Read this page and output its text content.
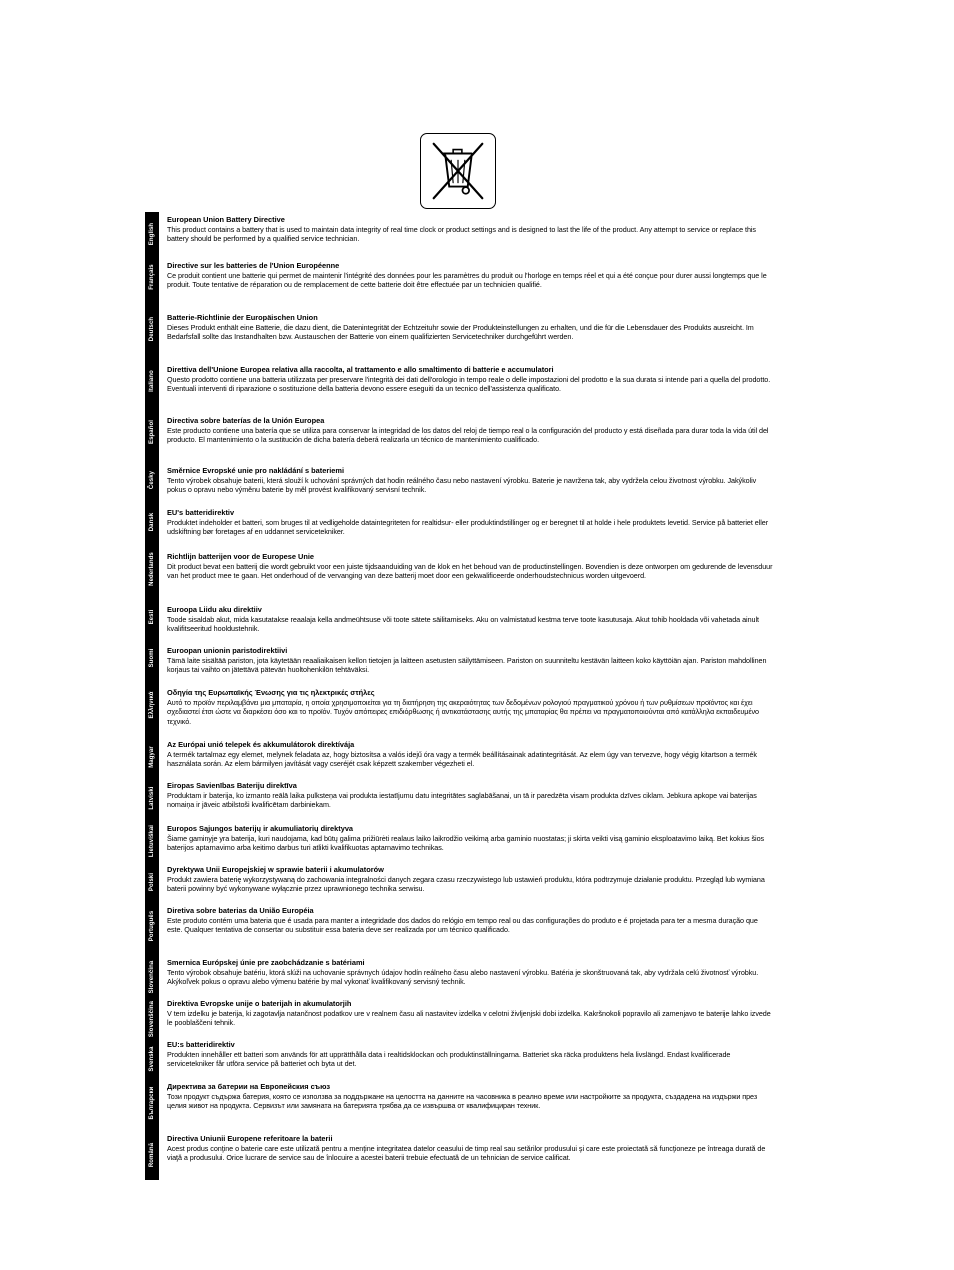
English
Français
Deutsch
Italiano
Español
Česky
Dansk
Nederlands
Eesti
Suomi
Ελληνικά
Magyar
Latviski
Lietuviškai
Polski
Português
Slovenčina
Slovenščina
Svenska
Български
Română
European Union Battery Directive

This product contains a battery that is used to maintain data integrity of real time clock or product settings and is designed to last the life of the product. Any attempt to service or replace this battery should be performed by a qualified service technician.

Directive sur les batteries de l'Union Européenne

Ce produit contient une batterie qui permet de maintenir l'intégrité des données pour les paramètres du produit ou l'horloge en temps réel et qui a été conçue pour durer aussi longtemps que le produit. Toute tentative de réparation ou de remplacement de cette batterie doit être effectuée par un technicien qualifié.

Batterie-Richtlinie der Europäischen Union

Dieses Produkt enthält eine Batterie, die dazu dient, die Datenintegrität der Echtzeituhr sowie der Produkteinstellungen zu erhalten, und die für die Lebensdauer des Produkts ausreicht. Im Bedarfsfall sollte das Instandhalten bzw. Austauschen der Batterie von einem qualifizierten Servicetechniker durchgeführt werden.

Direttiva dell'Unione Europea relativa alla raccolta, al trattamento e allo smaltimento di batterie e accumulatori

Questo prodotto contiene una batteria utilizzata per preservare l'integrità dei dati dell'orologio in tempo reale o delle impostazioni del prodotto e la sua durata si intende pari a quella del prodotto. Eventuali interventi di riparazione o sostituzione della batteria devono essere eseguiti da un tecnico dell'assistenza qualificato.

Directiva sobre baterías de la Unión Europea

Este producto contiene una batería que se utiliza para conservar la integridad de los datos del reloj de tiempo real o la configuración del producto y está diseñada para durar toda la vida útil del producto. El mantenimiento o la sustitución de dicha batería deberá realizarla un técnico de mantenimiento cualificado.

Směrnice Evropské unie pro nakládání s bateriemi

Tento výrobek obsahuje baterii, která slouží k uchování správných dat hodin reálného času nebo nastavení výrobku. Baterie je navržena tak, aby vydržela celou životnost výrobku. Jakýkoliv pokus o opravu nebo výměnu baterie by měl provést kvalifikovaný servisní technik.

EU's batteridirektiv

Produktet indeholder et batteri, som bruges til at vedligeholde dataintegriteten for realtidsur- eller produktindstillinger og er beregnet til at holde i hele produktets levetid. Service på batteriet eller udskiftning bør foretages af en uddannet servicetekniker.

Richtlijn batterijen voor de Europese Unie

Dit product bevat een batterij die wordt gebruikt voor een juiste tijdsaanduiding van de klok en het behoud van de productinstellingen. Bovendien is deze ontworpen om gedurende de levensduur van het product mee te gaan. Het onderhoud of de vervanging van deze batterij moet door een gekwalificeerde onderhoudstechnicus worden uitgevoerd.

Euroopa Liidu aku direktiiv

Toode sisaldab akut, mida kasutatakse reaalaja kella andmeühtsuse või toote sätete säilitamiseks. Aku on valmistatud kestma terve toote kasutusaja. Akut tohib hooldada või vahetada ainult kvalifitseeritud hooldustehnik.

Euroopan unionin paristodirektiivi

Tämä laite sisältää pariston, jota käytetään reaaliaikaisen kellon tietojen ja laitteen asetusten säilyttämiseen. Pariston on suunniteltu kestävän laitteen koko käyttöiän ajan. Pariston mahdollinen korjaus tai vaihto on jätettävä pätevän huoltohenkilön tehtäväksi.

Οδηγία της Ευρωπαϊκής Ένωσης για τις ηλεκτρικές στήλες

Αυτό το προϊόν περιλαμβάνει μια μπαταρία, η οποία χρησιμοποιείται για τη διατήρηση της ακεραιότητας των δεδομένων ρολογιού πραγματικού χρόνου ή των ρυθμίσεων προϊόντος και έχει σχεδιαστεί έτσι ώστε να διαρκέσει όσο και το προϊόν. Τυχόν απόπειρες επιδιόρθωσης ή αντικατάστασης αυτής της μπαταρίας θα πρέπει να πραγματοποιούνται από κατάλληλα εκπαιδευμένο τεχνικό.

Az Európai unió telepek és akkumulátorok direktívája

A termék tartalmaz egy elemet, melynek feladata az, hogy biztosítsa a valós idejű óra vagy a termék beállításainak adatintegritását. Az elem úgy van tervezve, hogy végig kitartson a termék használata során. Az elem bármilyen javítását vagy cseréjét csak képzett szakember végezheti el.

Eiropas Savienības Bateriju direktīva

Produktam ir baterija, ko izmanto reālā laika pulksteņa vai produkta iestatījumu datu integritātes saglabāšanai, un tā ir paredzēta visam produkta dzīves ciklam. Jebkura apkope vai baterijas nomaiņa ir jāveic atbilstoši kvalificētam darbiniekam.

Europos Sąjungos baterijų ir akumuliatorių direktyva

Šiame gaminyje yra baterija, kuri naudojama, kad būtų galima prižiūrėti realaus laiko laikrodžio veikimą arba gaminio nuostatas; ji skirta veikti visą gaminio eksploatavimo laiką. Bet kokius šios baterijos aptarnavimo arba keitimo darbus turi atlikti kvalifikuotas aptarnavimo technikas.

Dyrektywa Unii Europejskiej w sprawie baterii i akumulatorów

Produkt zawiera baterię wykorzystywaną do zachowania integralności danych zegara czasu rzeczywistego lub ustawień produktu, która podtrzymuje działanie produktu. Przegląd lub wymiana baterii powinny być wykonywane wyłącznie przez uprawnionego technika serwisu.

Diretiva sobre baterias da União Européia

Este produto contém uma bateria que é usada para manter a integridade dos dados do relógio em tempo real ou das configurações do produto e é projetada para ter a mesma duração que este. Qualquer tentativa de consertar ou substituir essa bateria deve ser realizada por um técnico qualificado.

Smernica Európskej únie pre zaobchádzanie s batériami

Tento výrobok obsahuje batériu, ktorá slúži na uchovanie správnych údajov hodín reálneho času alebo nastavení výrobku. Batéria je skonštruovaná tak, aby vydržala celú životnosť výrobku. Akýkoľvek pokus o opravu alebo výmenu batérie by mal vykonať kvalifikovaný servisný technik.

Direktiva Evropske unije o baterijah in akumulatorjih

V tem izdelku je baterija, ki zagotavlja natančnost podatkov ure v realnem času ali nastavitev izdelka v celotni življenjski dobi izdelka. Kakršnokoli popravilo ali zamenjavo te baterije lahko izvede le pooblaščeni tehnik.

EU:s batteridirektiv

Produkten innehåller ett batteri som används för att upprätthålla data i realtidsklockan och produktinställningarna. Batteriet ska räcka produktens hela livslängd. Endast kvalificerade servicetekniker får utföra service på batteriet och byta ut det.

Директива за батерии на Европейския съюз

Този продукт съдържа батерия, която се използва за поддържане на целостта на данните на часовника в реално време или настройките за продукта, създадена на издържи през целия живот на продукта. Сервизът или замяната на батерията трябва да се извършва от квалифициран техник.

Directiva Uniunii Europene referitoare la baterii

Acest produs conţine o baterie care este utilizată pentru a menţine integritatea datelor ceasului de timp real sau setărilor produsului şi care este proiectată să funcţioneze pe întreaga durată de viaţă a produsului. Orice lucrare de service sau de înlocuire a acestei baterii trebuie efectuată de un tehnician de service calificat.
